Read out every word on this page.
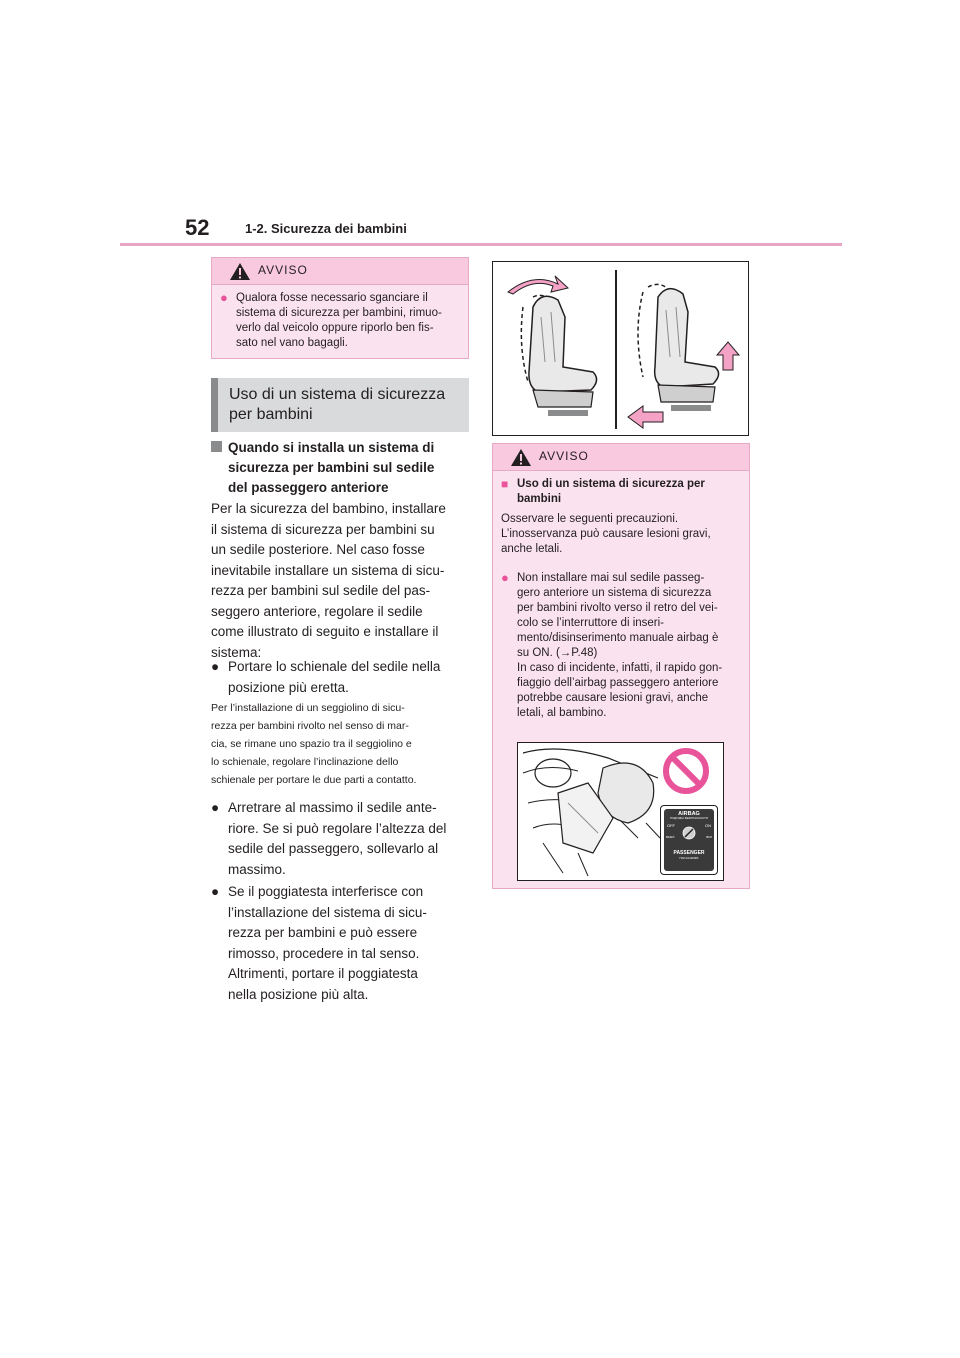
52	1-2. Sicurezza dei bambini
AVVISO
● Qualora fosse necessario sganciare il
sistema di sicurezza per bambini, rimuo-
verlo dal veicolo oppure riporlo ben fis-
sato nel vano bagagli.
Uso di un sistema di sicurezza
per bambini
Quando si installa un sistema di
sicurezza per bambini sul sedile
del passeggero anteriore
Per la sicurezza del bambino, installare
il sistema di sicurezza per bambini su
un sedile posteriore. Nel caso fosse
inevitabile installare un sistema di sicu-
rezza per bambini sul sedile del pas-
seggero anteriore, regolare il sedile
come illustrato di seguito e installare il
sistema:
● Portare lo schienale del sedile nella
posizione più eretta.
Per l’installazione di un seggiolino di sicu-
rezza per bambini rivolto nel senso di mar-
cia, se rimane uno spazio tra il seggiolino e
lo schienale, regolare l’inclinazione dello
schienale per portare le due parti a contatto.
● Arretrare al massimo il sedile ante-
riore. Se si può regolare l’altezza del
sedile del passeggero, sollevarlo al
massimo.
● Se il poggiatesta interferisce con
l’installazione del sistema di sicu-
rezza per bambini e può essere
rimosso, procedere in tal senso.
Altrimenti, portare il poggiatesta
nella posizione più alta.
AVVISO
■ Uso di un sistema di sicurezza per
bambini
Osservare le seguenti precauzioni.
L’inosservanza può causare lesioni gravi,
anche letali.
● Non installare mai sul sedile passeg-
gero anteriore un sistema di sicurezza
per bambini rivolto verso il retro del vei-
colo se l’interruttore di inseri-
mento/disinserimento manuale airbag è
su ON. (→P.48)
In caso di incidente, infatti, il rapido gon-
fiaggio dell’airbag passeggero anteriore
potrebbe causare lesioni gravi, anche
letali, al bambino.
AIRBAG
ПОДУШКА БЕЗОПАСНОСТИ
OFF	ON
ВЫКЛ	ВКЛ
PASSENGER
ПАССАЖИРА
